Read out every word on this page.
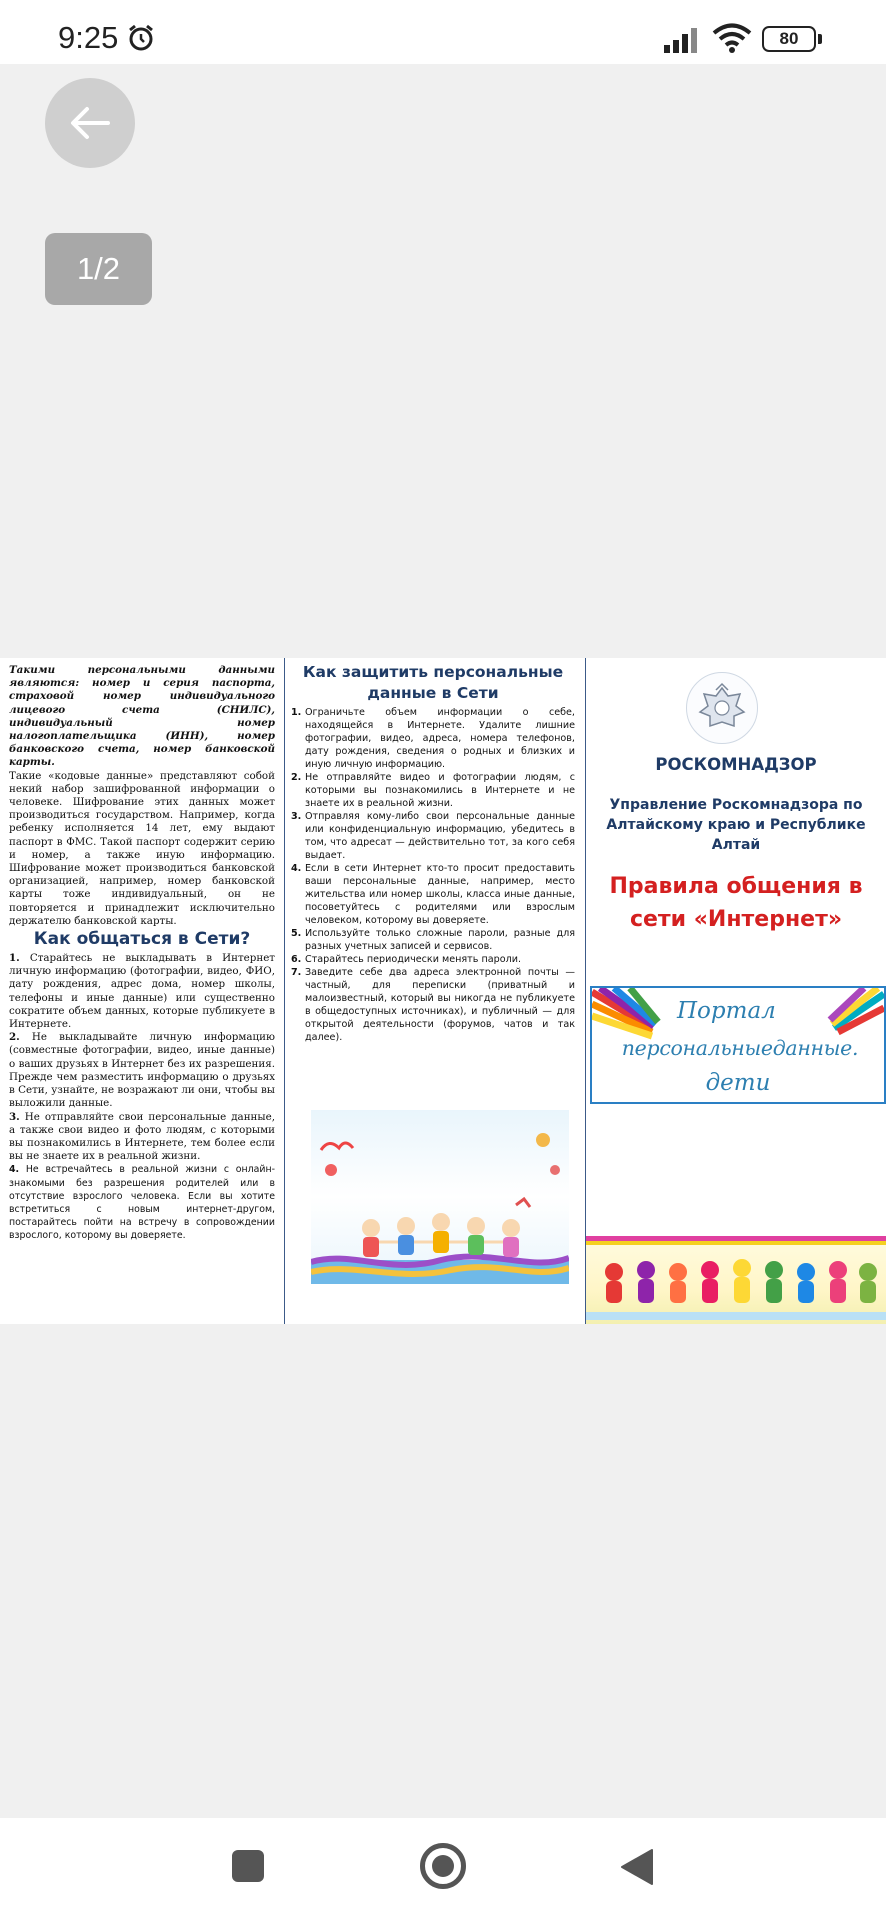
9:25	80
1/2
Такими персональными данными являются: номер и серия паспорта, страховой номер индивидуального лицевого счета (СНИЛС), индивидуальный номер налогоплательщика (ИНН), номер банковского счета, номер банковской карты.
Такие «кодовые данные» представляют собой некий набор зашифрованной информации о человеке. Шифрование этих данных может производиться государством. Например, когда ребенку исполняется 14 лет, ему выдают паспорт в ФМС. Такой паспорт содержит серию и номер, а также иную информацию. Шифрование может производиться банковской организацией, например, номер банковской карты тоже индивидуальный, он не повторяется и принадлежит исключительно держателю банковской карты.
Как общаться в Сети?
1. Старайтесь не выкладывать в Интернет личную информацию (фотографии, видео, ФИО, дату рождения, адрес дома, номер школы, телефоны и иные данные) или существенно сократите объем данных, которые публикуете в Интернете.
2. Не выкладывайте личную информацию (совместные фотографии, видео, иные данные) о ваших друзьях в Интернет без их разрешения. Прежде чем разместить информацию о друзьях в Сети, узнайте, не возражают ли они, чтобы вы выложили данные.
3. Не отправляйте свои персональные данные, а также свои видео и фото людям, с которыми вы познакомились в Интернете, тем более если вы не знаете их в реальной жизни.
4. Не встречайтесь в реальной жизни с онлайн-знакомыми без разрешения родителей или в отсутствие взрослого человека. Если вы хотите встретиться с новым интернет-другом, постарайтесь пойти на встречу в сопровождении взрослого, которому вы доверяете.
Как защитить персональные данные в Сети
1. Ограничьте объем информации о себе, находящейся в Интернете. Удалите лишние фотографии, видео, адреса, номера телефонов, дату рождения, сведения о родных и близких и иную личную информацию.
2. Не отправляйте видео и фотографии людям, с которыми вы познакомились в Интернете и не знаете их в реальной жизни.
3. Отправляя кому-либо свои персональные данные или конфиденциальную информацию, убедитесь в том, что адресат — действительно тот, за кого себя выдает.
4. Если в сети Интернет кто-то просит предоставить ваши персональные данные, например, место жительства или номер школы, класса иные данные, посоветуйтесь с родителями или взрослым человеком, которому вы доверяете.
5. Используйте только сложные пароли, разные для разных учетных записей и сервисов.
6. Старайтесь периодически менять пароли.
7. Заведите себе два адреса электронной почты — частный, для переписки (приватный и малоизвестный, который вы никогда не публикуете в общедоступных источниках), и публичный — для открытой деятельности (форумов, чатов и так далее).
РОСКОМНАДЗОР
Управление Роскомнадзора по Алтайскому краю и Республике Алтай
Правила общения в
сети «Интернет»
Портал
персональныеданные.
дети
